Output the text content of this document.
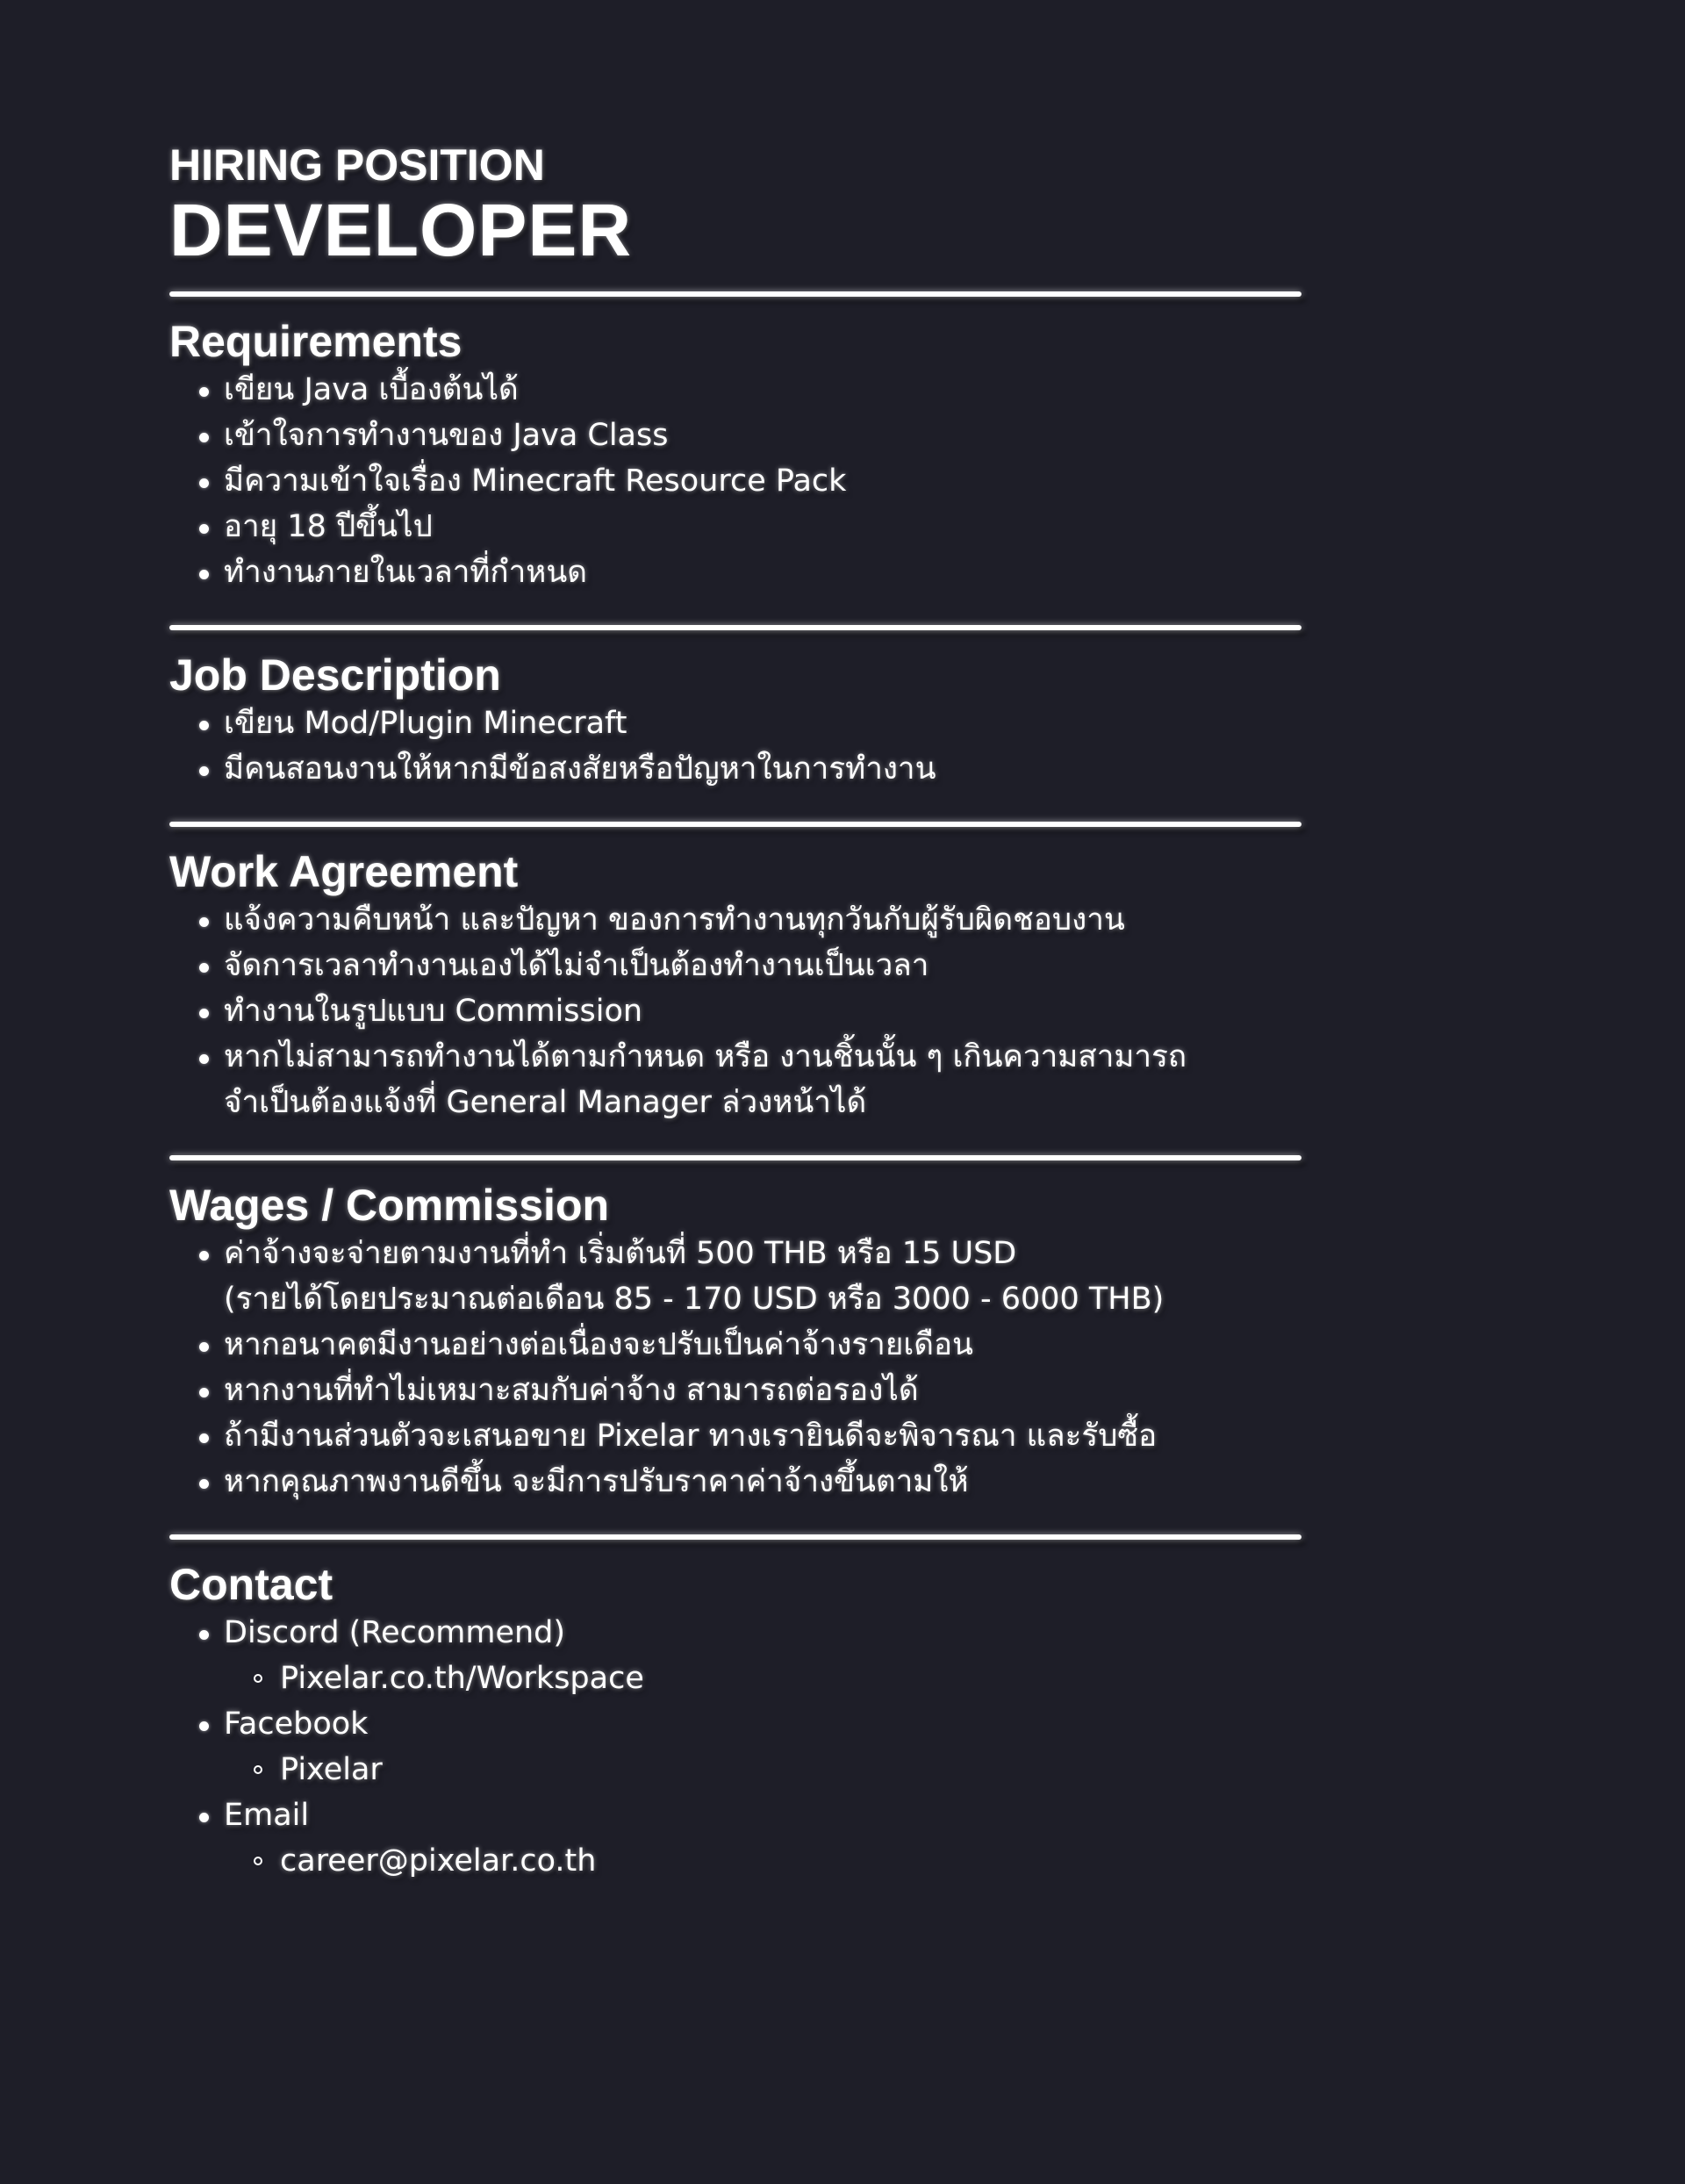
HIRING POSITION

DEVELOPER

Requirements
เขียน Java เบื้องต้นได้
เข้าใจการทำงานของ Java Class
มีความเข้าใจเรื่อง Minecraft Resource Pack
อายุ 18 ปีขึ้นไป
ทำงานภายในเวลาที่กำหนด
Job Description
เขียน Mod/Plugin Minecraft
มีคนสอนงานให้หากมีข้อสงสัยหรือปัญหาในการทำงาน
Work Agreement
แจ้งความคืบหน้า และปัญหา ของการทำงานทุกวันกับผู้รับผิดชอบงาน
จัดการเวลาทำงานเองได้ไม่จำเป็นต้องทำงานเป็นเวลา
ทำงานในรูปแบบ Commission
หากไม่สามารถทำงานได้ตามกำหนด หรือ งานชิ้นนั้น ๆ เกินความสามารถ
จำเป็นต้องแจ้งที่ General Manager ล่วงหน้าได้
Wages / Commission
ค่าจ้างจะจ่ายตามงานที่ทำ เริ่มต้นที่ 500 THB หรือ 15 USD
(รายได้โดยประมาณต่อเดือน 85 - 170 USD หรือ 3000 - 6000 THB)
หากอนาคตมีงานอย่างต่อเนื่องจะปรับเป็นค่าจ้างรายเดือน
หากงานที่ทำไม่เหมาะสมกับค่าจ้าง สามารถต่อรองได้
ถ้ามีงานส่วนตัวจะเสนอขาย Pixelar ทางเรายินดีจะพิจารณา และรับซื้อ
หากคุณภาพงานดีขึ้น จะมีการปรับราคาค่าจ้างขึ้นตามให้
Contact
Discord (Recommend)
Pixelar.co.th/Workspace
Facebook
Pixelar
Email
career@pixelar.co.th
